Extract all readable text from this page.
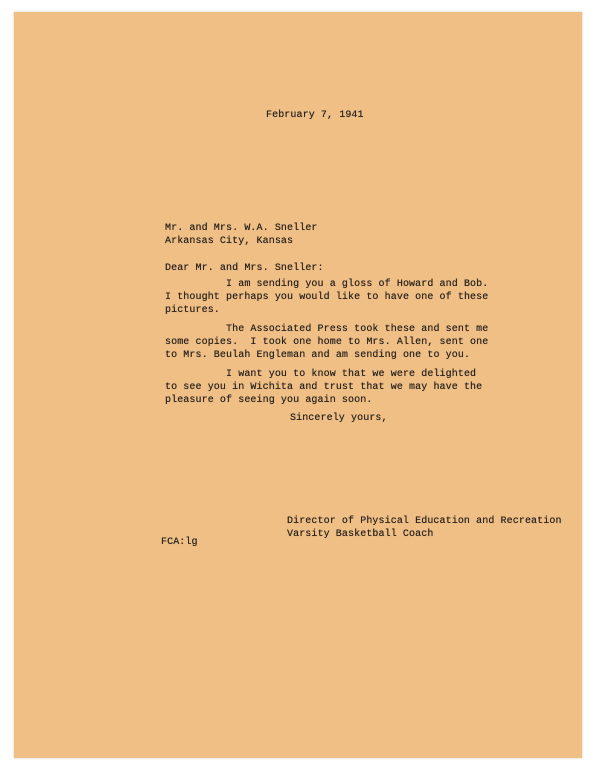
February 7, 1941
Mr. and Mrs. W.A. Sneller
Arkansas City, Kansas
Dear Mr. and Mrs. Sneller:
I am sending you a gloss of Howard and Bob.
I thought perhaps you would like to have one of these
pictures.
The Associated Press took these and sent me
some copies.  I took one home to Mrs. Allen, sent one
to Mrs. Beulah Engleman and am sending one to you.
I want you to know that we were delighted
to see you in Wichita and trust that we may have the
pleasure of seeing you again soon.
Sincerely yours,
Director of Physical Education and Recreation
Varsity Basketball Coach
FCA:lg
